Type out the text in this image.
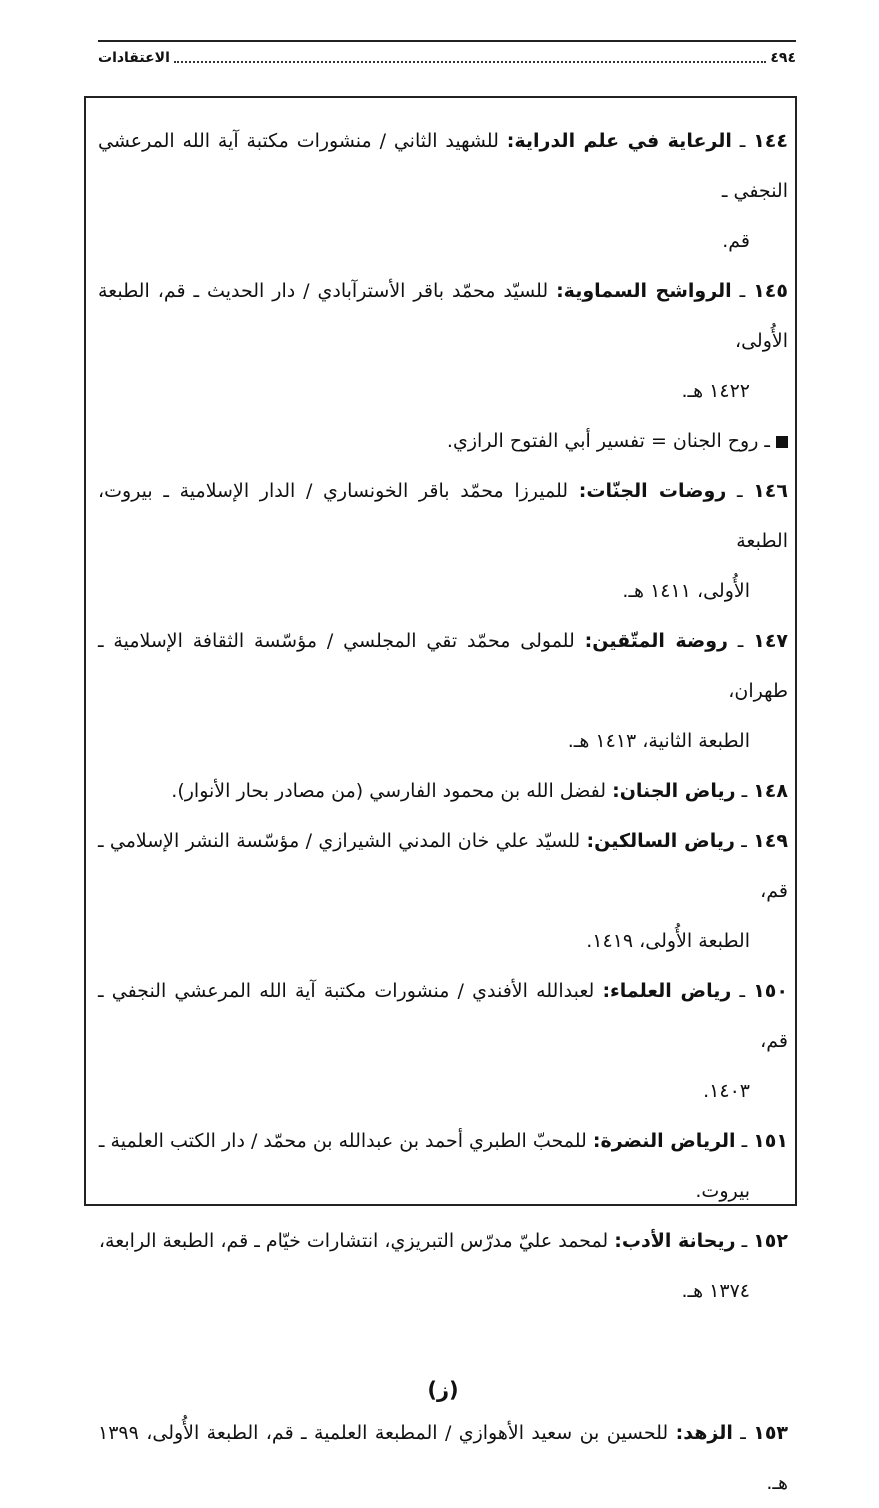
الاعتقادات	٤٩٤
١٤٤ ـ الرعاية في علم الدراية: للشهيد الثاني / منشورات مكتبة آية الله المرعشي النجفي ـ
قم.
١٤٥ ـ الرواشح السماوية: للسيّد محمّد باقر الأسترآبادي / دار الحديث ـ قم، الطبعة الأُولى،
١٤٢٢ هـ.
ـ روح الجنان = تفسير أبي الفتوح الرازي.
١٤٦ ـ روضات الجنّات: للميرزا محمّد باقر الخونساري / الدار الإسلامية ـ بيروت، الطبعة
الأُولى، ١٤١١ هـ.
١٤٧ ـ روضة المتّقين: للمولى محمّد تقي المجلسي / مؤسّسة الثقافة الإسلامية ـ طهران،
الطبعة الثانية، ١٤١٣ هـ.
١٤٨ ـ رياض الجنان: لفضل الله بن محمود الفارسي (من مصادر بحار الأنوار).
١٤٩ ـ رياض السالكين: للسيّد علي خان المدني الشيرازي / مؤسّسة النشر الإسلامي ـ قم،
الطبعة الأُولى، ١٤١٩.
١٥٠ ـ رياض العلماء: لعبدالله الأفندي / منشورات مكتبة آية الله المرعشي النجفي ـ قم،
١٤٠٣.
١٥١ ـ الرياض النضرة: للمحبّ الطبري أحمد بن عبدالله بن محمّد / دار الكتب العلمية ـ
بيروت.
١٥٢ ـ ريحانة الأدب: لمحمد عليّ مدرّس التبريزي، انتشارات خيّام ـ قم، الطبعة الرابعة،
١٣٧٤ هـ.
(ز)
١٥٣ ـ الزهد: للحسين بن سعيد الأهوازي / المطبعة العلمية ـ قم، الطبعة الأُولى، ١٣٩٩ هـ.
